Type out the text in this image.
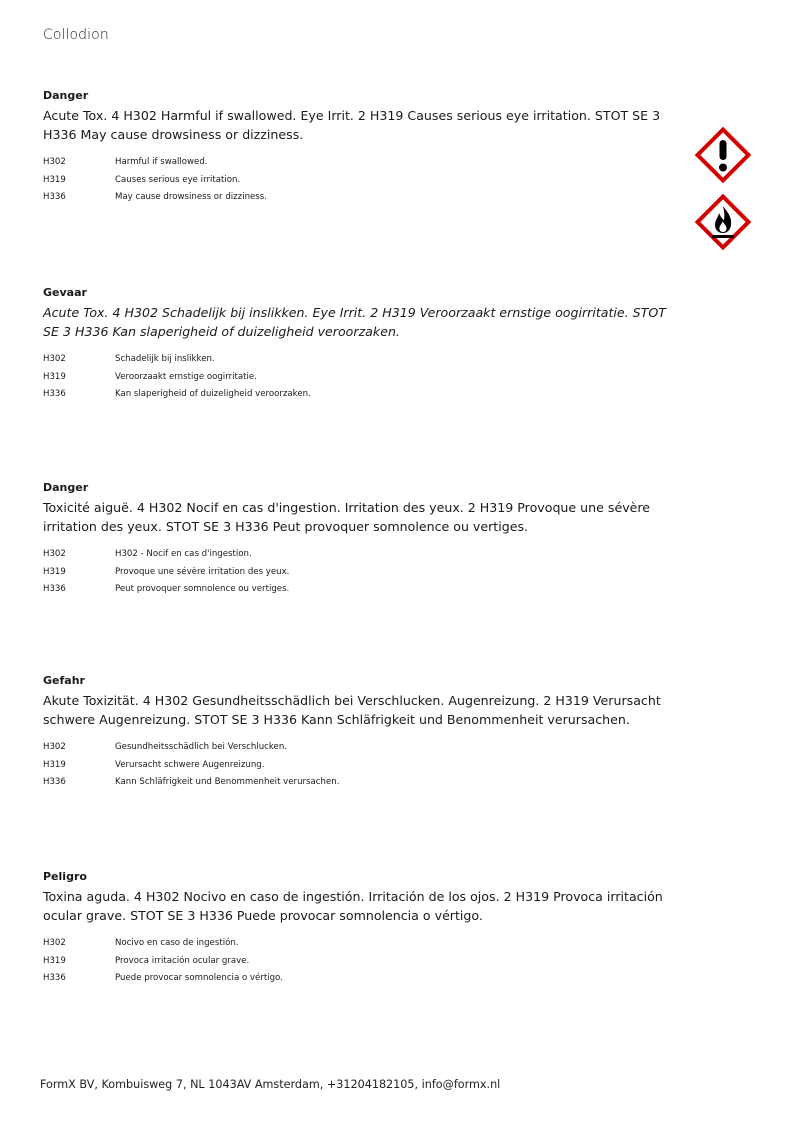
Collodion
Danger
Acute Tox. 4 H302 Harmful if swallowed. Eye Irrit. 2 H319 Causes serious eye irritation. STOT SE 3 H336 May cause drowsiness or dizziness.
H302	Harmful if swallowed.
H319	Causes serious eye irritation.
H336	May cause drowsiness or dizziness.
Gevaar
Acute Tox. 4 H302 Schadelijk bij inslikken. Eye Irrit. 2 H319 Veroorzaakt ernstige oogirritatie. STOT SE 3 H336 Kan slaperigheid of duizeligheid veroorzaken.
H302	Schadelijk bij inslikken.
H319	Veroorzaakt ernstige oogirritatie.
H336	Kan slaperigheid of duizeligheid veroorzaken.
Danger
Toxicité aiguë. 4 H302 Nocif en cas d'ingestion. Irritation des yeux. 2 H319 Provoque une sévère irritation des yeux. STOT SE 3 H336 Peut provoquer somnolence ou vertiges.
H302	H302 - Nocif en cas d'ingestion.
H319	Provoque une sévère irritation des yeux.
H336	Peut provoquer somnolence ou vertiges.
Gefahr
Akute Toxizität. 4 H302 Gesundheitsschädlich bei Verschlucken. Augenreizung. 2 H319 Verursacht schwere Augenreizung. STOT SE 3 H336 Kann Schläfrigkeit und Benommenheit verursachen.
H302	Gesundheitsschädlich bei Verschlucken.
H319	Verursacht schwere Augenreizung.
H336	Kann Schläfrigkeit und Benommenheit verursachen.
Peligro
Toxina aguda. 4 H302 Nocivo en caso de ingestión. Irritación de los ojos. 2 H319 Provoca irritación ocular grave. STOT SE 3 H336 Puede provocar somnolencia o vértigo.
H302	Nocivo en caso de ingestión.
H319	Provoca irritación ocular grave.
H336	Puede provocar somnolencia o vértigo.
FormX BV, Kombuisweg 7, NL 1043AV Amsterdam, +31204182105, info@formx.nl
